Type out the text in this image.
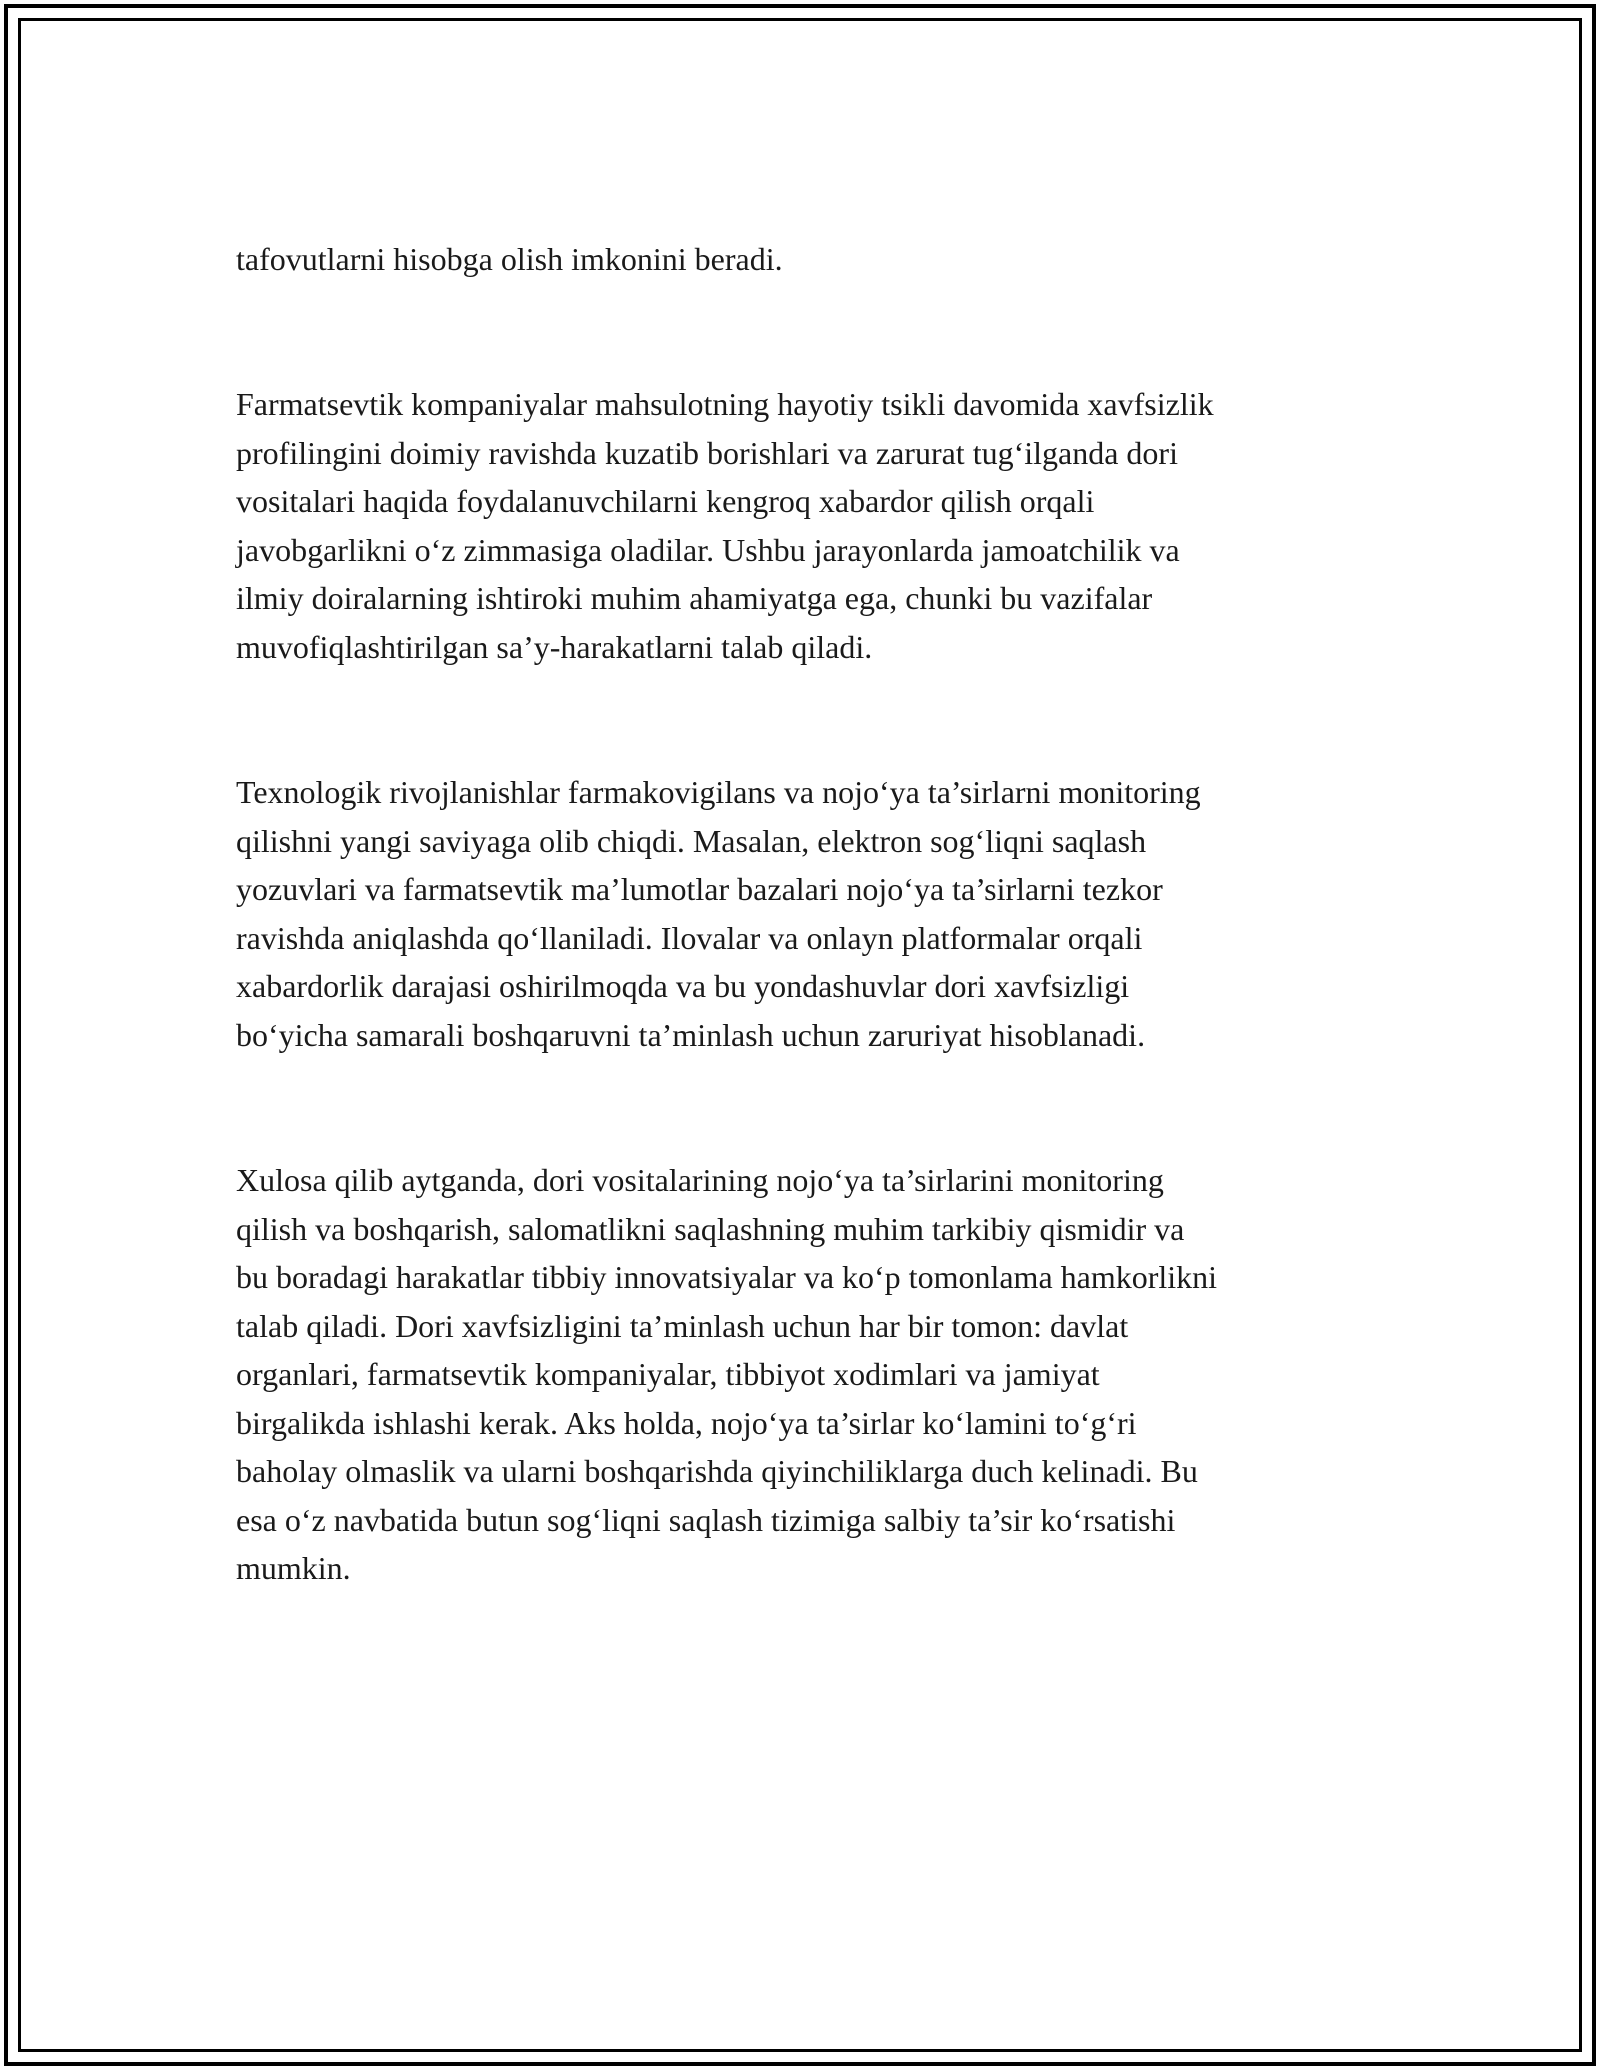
tafovutlarni hisobga olish imkonini beradi.

Farmatsevtik kompaniyalar mahsulotning hayotiy tsikli davomida xavfsizlik
profilingini doimiy ravishda kuzatib borishlari va zarurat tug‘ilganda dori
vositalari haqida foydalanuvchilarni kengroq xabardor qilish orqali
javobgarlikni o‘z zimmasiga oladilar. Ushbu jarayonlarda jamoatchilik va
ilmiy doiralarning ishtiroki muhim ahamiyatga ega, chunki bu vazifalar
muvofiqlashtirilgan sa’y-harakatlarni talab qiladi.

Texnologik rivojlanishlar farmakovigilans va nojo‘ya ta’sirlarni monitoring
qilishni yangi saviyaga olib chiqdi. Masalan, elektron sog‘liqni saqlash
yozuvlari va farmatsevtik ma’lumotlar bazalari nojo‘ya ta’sirlarni tezkor
ravishda aniqlashda qo‘llaniladi. Ilovalar va onlayn platformalar orqali
xabardorlik darajasi oshirilmoqda va bu yondashuvlar dori xavfsizligi
bo‘yicha samarali boshqaruvni ta’minlash uchun zaruriyat hisoblanadi.

Xulosa qilib aytganda, dori vositalarining nojo‘ya ta’sirlarini monitoring
qilish va boshqarish, salomatlikni saqlashning muhim tarkibiy qismidir va
bu boradagi harakatlar tibbiy innovatsiyalar va ko‘p tomonlama hamkorlikni
talab qiladi. Dori xavfsizligini ta’minlash uchun har bir tomon: davlat
organlari, farmatsevtik kompaniyalar, tibbiyot xodimlari va jamiyat
birgalikda ishlashi kerak. Aks holda, nojo‘ya ta’sirlar ko‘lamini to‘g‘ri
baholay olmaslik va ularni boshqarishda qiyinchiliklarga duch kelinadi. Bu
esa o‘z navbatida butun sog‘liqni saqlash tizimiga salbiy ta’sir ko‘rsatishi
mumkin.
